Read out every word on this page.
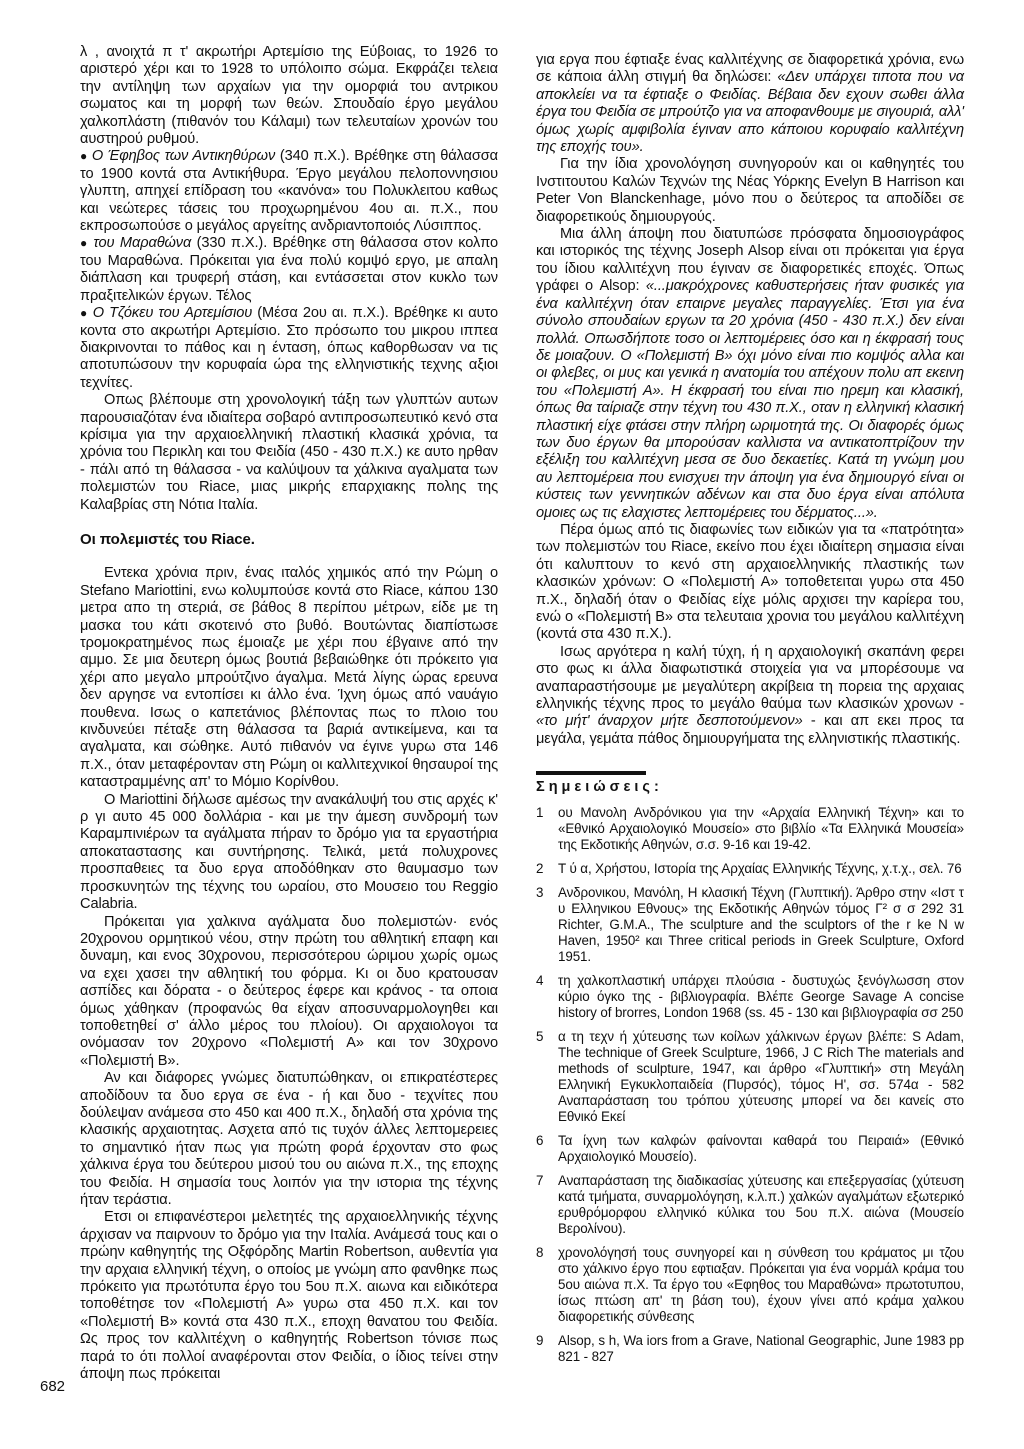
λ , ανοιχτά π τ' ακρωτήρι Αρτεμίσιο της Εύβοιας, το 1926 το αριστερό χέρι και το 1928 το υπόλοιπο σώμα. Εκφράζει τελεια την αντίληψη των αρχαίων για την ομορφιά του αντρικου σωματος και τη μορφή των θεών. Σπουδαίο έργο μεγάλου χαλκοπλάστη (πιθανόν του Κάλαμι) των τελευταίων χρονών του αυστηρού ρυθμού.

● Ο Έφηβος των Αντικηθύρων (340 π.Χ.). Βρέθηκε στη θάλασσα το 1900 κοντά στα Αντικήθυρα. Έργο μεγάλου πελοποννησιου γλυπτη, απηχεί επίδραση του «κανόνα» του Πολυκλειτου καθως και νεώτερες τάσεις του προχωρημένου 4ου αι. π.Χ., που εκπροσωπούσε ο μεγάλος αργείτης ανδριαντοποιός Λύσιππος.

● του Μαραθώνα (330 π.Χ.). Βρέθηκε στη θάλασσα στον κολπο του Μαραθώνα. Πρόκειται για ένα πολύ κομψό εργο, με απαλη διάπλαση και τρυφερή στάση, και εντάσσεται στον κυκλο των πραξιτελικών έργων. Τέλος

● Ο Τζόκευ του Αρτεμίσιου (Μέσα 2ου αι. π.Χ.). Βρέθηκε κι αυτο κοντα στο ακρωτήρι Αρτεμίσιο. Στο πρόσωπο του μικρου ιππεα διακρινονται το πάθος και η ένταση, όπως καθορθωσαν να τις αποτυπώσουν την κορυφαία ώρα της ελληνιστικής τεχνης αξιοι τεχνίτες.

Οπως βλέπουμε στη χρονολογική τάξη των γλυπτών αυτων παρουσιαζόταν ένα ιδιαίτερα σοβαρό αντιπροσωπευτικό κενό στα κρίσιμα για την αρχαιοελληνική πλαστική κλασικά χρόνια, τα χρόνια του Περικλη και του Φειδία (450 - 430 π.Χ.) κε αυτο ηρθαν - πάλι από τη θάλασσα - να καλύψουν τα χάλκινα αγαλματα των πολεμιστών του Riace, μιας μικρής επαρχιακης πολης της Καλαβρίας στη Νότια Ιταλία.

Οι πολεμιστές του Riace.

Εντεκα χρόνια πριν, ένας ιταλός χημικός από την Ρώμη ο Stefano Mariottini, ενω κολυμπούσε κοντά στο Riace, κάπου 130 μετρα απο τη στεριά, σε βάθος 8 περίπου μέτρων, είδε με τη μασκα του κάτι σκοτεινό στο βυθό. Βουτώντας διαπίστωσε τρομοκρατημένος πως έμοιαζε με χέρι που έβγαινε από την αμμο. Σε μια δευτερη όμως βουτιά βεβαιώθηκε ότι πρόκειτο για χέρι απο μεγαλο μπρούτζινο άγαλμα. Μετά λίγης ώρας ερευνα δεν αργησε να εντοπίσει κι άλλο ένα. Ίχνη όμως από ναυάγιο πουθενα. Ισως ο καπετάνιος βλέποντας πως το πλοιο του κινδυνεύει πέταξε στη θάλασσα τα βαριά αντικείμενα, και τα αγαλματα, και σώθηκε. Αυτό πιθανόν να έγινε γυρω στα 146 π.Χ., όταν μεταφέρονταν στη Ρώμη οι καλλιτεχνικοί θησαυροί της καταστραμμένης απ' το Μόμιο Κορίνθου.

Ο Mariottini δήλωσε αμέσως την ανακάλυψή του στις αρχές κ' ρ γι αυτο 45 000 δολλάρια - και με την άμεση συνδρομή των Καραμπινιέρων τα αγάλματα πήραν το δρόμο για τα εργαστήρια αποκαταστασης και συντήρησης. Τελικά, μετά πολυχρονες προσπαθειες τα δυο εργα αποδόθηκαν στο θαυμασμο των προσκυνητών της τέχνης του ωραίου, στο Μουσειο του Reggio Calabria.

Πρόκειται για χαλκινα αγάλματα δυο πολεμιστών· ενός 20χρονου ορμητικού νέου, στην πρώτη του αθλητική επαφη και δυναμη, και ενος 30χρονου, περισσότερου ώριμου χωρίς ομως να εχει χασει την αθλητική του φόρμα. Κι οι δυο κρατουσαν ασπίδες και δόρατα - ο δεύτερος έφερε και κράνος - τα οποια όμως χάθηκαν (προφανώς θα είχαν αποσυναρμολογηθει και τοποθετηθεί σ' άλλο μέρος του πλοίου). Οι αρχαιολογοι τα ονόμασαν τον 20χρονο «Πολεμιστή Α» και τον 30χρονο «Πολεμιστή Β».

Αν και διάφορες γνώμες διατυπώθηκαν, οι επικρατέστερες αποδίδουν τα δυο εργα σε ένα - ή και δυο - τεχνίτες που δούλεψαν ανάμεσα στο 450 και 400 π.Χ., δηλαδή στα χρόνια της κλασικής αρχαιοτητας. Ασχετα από τις τυχόν άλλες λεπτομερειες το σημαντικό ήταν πως για πρώτη φορά έρχονταν στο φως χάλκινα έργα του δεύτερου μισού του ου αιώνα π.Χ., της εποχης του Φειδία. Η σημασία τους λοιπόν για την ιστορια της τέχνης ήταν τεράστια.

Ετσι οι επιφανέστεροι μελετητές της αρχαιοελληνικής τέχνης άρχισαν να παιρνουν το δρόμο για την Ιταλία. Ανάμεσά τους και ο πρώην καθηγητής της Οξφόρδης Martin Robertson, αυθεντία για την αρχαια ελληνική τέχνη, ο οποίος με γνώμη απο φανθηκε πως πρόκειτο για πρωτότυπα έργο του 5ου π.Χ. αιωνα και ειδικότερα τοποθέτησε τον «Πολεμιστή Α» γυρω στα 450 π.Χ. και τον «Πολεμιστή Β» κοντά στα 430 π.Χ., εποχη θανατου του Φειδία. Ως προς τον καλλιτέχνη ο καθηγητής Robertson τόνισε πως παρά το ότι πολλοί αναφέρονται στον Φειδία, ο ίδιος τείνει στην άποψη πως πρόκειται

για εργα που έφτιαξε ένας καλλιτέχνης σε διαφορετικά χρόνια, ενω σε κάποια άλλη στιγμή θα δηλώσει: «Δεν υπάρχει τιποτα που να αποκλείει να τα έφτιαξε ο Φειδίας. Βέβαια δεν εχουν σωθει άλλα έργα του Φειδία σε μπρούτζο για να αποφανθουμε με σιγουριά, αλλ' όμως χωρίς αμφιβολία έγιναν απο κάποιου κορυφαίο καλλιτέχνη της εποχής του».

Για την ίδια χρονολόγηση συνηγορούν και οι καθηγητές του Ινστιτουτου Καλών Τεχνών της Νέας Υόρκης Evelyn B Harrison και Peter Von Blanckenhage, μόνο που ο δεύτερος τα αποδίδει σε διαφορετικούς δημιουργούς.

Μια άλλη άποψη που διατυπώσε πρόσφατα δημοσιογράφος και ιστορικός της τέχνης Joseph Alsop είναι οτι πρόκειται για έργα του ίδιου καλλιτέχνη που έγιναν σε διαφορετικές εποχές. Όπως γράφει ο Alsop: «...μακρόχρονες καθυστερήσεις ήταν φυσικές για ένα καλλιτέχνη όταν επαιρνε μεγαλες παραγγελίες. Έτσι για ένα σύνολο σπουδαίων εργων τα 20 χρόνια (450 - 430 π.Χ.) δεν είναι πολλά. Οπωσδήποτε τοσο οι λεπτομέρειες όσο και η έκφρασή τους δε μοιαζουν. Ο «Πολεμιστή Β» όχι μόνο είναι πιο κομψός αλλα και οι φλεβες, οι μυς και γενικά η ανατομία του απέχουν πολυ απ εκεινη του «Πολεμιστή Α». Η έκφρασή του είναι πιο ηρεμη και κλασική, όπως θα ταίριαζε στην τέχνη του 430 π.Χ., οταν η ελληνική κλασική πλαστική είχε φτάσει στην πλήρη ωριμοτητά της. Οι διαφορές όμως των δυο έργων θα μπορούσαν καλλιστα να αντικατοπτρίζουν την εξέλιξη του καλλιτέχνη μεσα σε δυο δεκαετίες. Κατά τη γνώμη μου αυ λεπτομέρεια που ενισχυει την άποψη για ένα δημιουργό είναι οι κύστεις των γεννητικών αδένων και στα δυο έργα είναι απόλυτα ομοιες ως τις ελαχιστες λεπτομέρειες του δέρματος...».

Πέρα όμως από τις διαφωνίες των ειδικών για τα «πατρότητα» των πολεμιστών του Riace, εκείνο που έχει ιδιαίτερη σημασια είναι ότι καλυπτουν το κενό στη αρχαιοελληνικής πλαστικής των κλασικών χρόνων: Ο «Πολεμιστή Α» τοποθετειται γυρω στα 450 π.Χ., δηλαδή όταν ο Φειδίας είχε μόλις αρχισει την καρίερα του, ενώ ο «Πολεμιστή Β» στα τελευταια χρονια του μεγάλου καλλιτέχνη (κοντά στα 430 π.Χ.).

Ισως αργότερα η καλή τύχη, ή η αρχαιολογική σκαπάνη φερει στο φως κι άλλα διαφωτιστικά στοιχεία για να μπορέσουμε να αναπαραστήσουμε με μεγαλύτερη ακρίβεια τη πορεια της αρχαιας ελληνικής τέχνης προς το μεγάλο θαύμα των κλασικών χρονων - «το μήτ' άναρχον μήτε δεσποτούμενον» - και απ εκει προς τα μεγάλα, γεμάτα πάθος δημιουργήματα της ελληνιστικής πλαστικής.

Σημειώσεις:

1	ου Μανολη Ανδρόνικου για την «Αρχαία Ελληνική Τέχνη» και το «Εθνικό Αρχαιολογικό Μουσείο» στο βιβλίο «Τα Ελληνικά Μουσεία» της Εκδοτικής Αθηνών, σ.σ. 9-16 και 19-42.
2	Τ ύ α, Χρήστου, Ιστορία της Αρχαίας Ελληνικής Τέχνης, χ.τ.χ., σελ. 76
3	Ανδρονικου, Μανόλη, Η κλασική Τέχνη (Γλυπτική). Άρθρο στην «Ιστ τ υ Ελληνικου Εθνους» της Εκδοτικής Αθηνών τόμος Γ² σ σ 292 31 Richter, G.M.A., The sculpture and the sculptors of the r ke N w Haven, 1950² και Three critical periods in Greek Sculpture, Oxford 1951.
4	τη χαλκοπλαστική υπάρχει πλούσια - δυστυχώς ξενόγλωσση στον κύριο όγκο της - βιβλιογραφία. Βλέπε George Savage A concise history of brorres, London 1968 (ss. 45 - 130 και βιβλιογραφία σσ 250
5	α τη τεχν ή χύτευσης των κοίλων χάλκινων έργων βλέπε: S Adam, The technique of Greek Sculpture, 1966, J C Rich The materials and methods of sculpture, 1947, και άρθρο «Γλυπτική» στη Μεγάλη Ελληνική Εγκυκλοπαιδεία (Πυρσός), τόμος Η', σσ. 574α - 582 Αναπαράσταση του τρόπου χύτευσης μπορεί να δει κανείς στο Εθνικό Εκεί
6	Τα ίχνη των καλφών φαίνονται καθαρά του Πειραιά» (Εθνικό Αρχαιολογικό Μουσείο).
7	Αναπαράσταση της διαδικασίας χύτευσης και επεξεργασίας (χύτευση κατά τμήματα, συναρμολόγηση, κ.λ.π.) χαλκών αγαλμάτων εξωτερικό ερυθρόμορφου ελληνικό κύλικα του 5ου π.Χ. αιώνα (Μουσείο Βερολίνου).
8	χρονολόγησή τους συνηγορεί και η σύνθεση του κράματος μι τζου στο χάλκινο έργο που εφτιαξαν. Πρόκειται για ένα νορμάλ κράμα του 5ου αιώνα π.Χ. Τα έργο του «Εφηθος του Μαραθώνα» πρωτοτυπου, ίσως πτώση απ' τη βάση του), έχουν γίνει από κράμα χαλκου διαφορετικής σύνθεσης
9	Alsop, s h, Wa iors from a Grave, National Geographic, June 1983 pp 821 - 827
682
